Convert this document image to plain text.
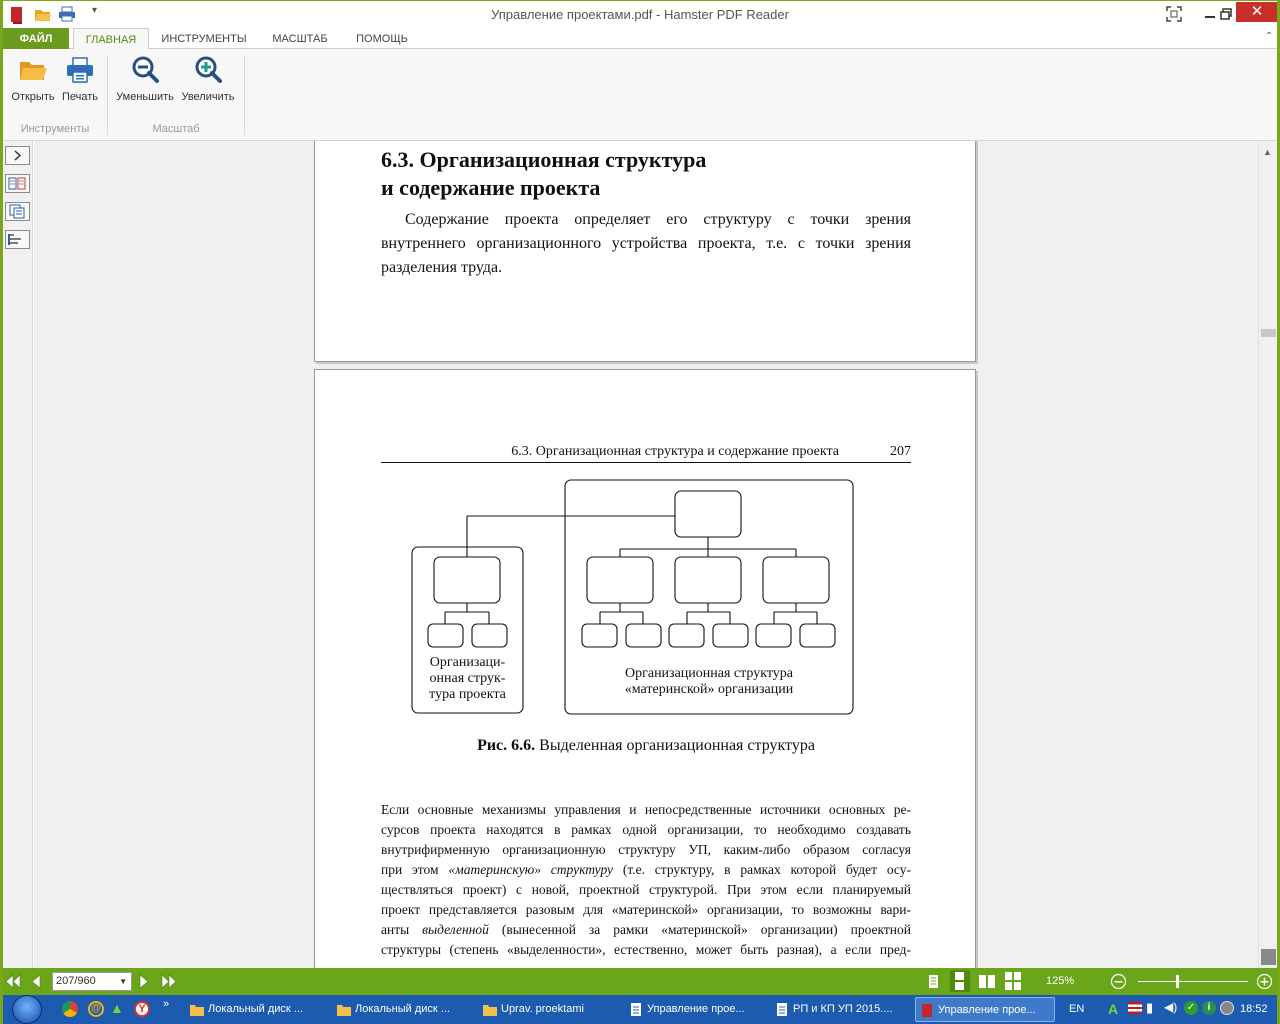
▾	Управление проектами.pdf - Hamster PDF Reader	✕
ФАЙЛ	ГЛАВНАЯ	ИНСТРУМЕНТЫ	МАСШТАБ	ПОМОЩЬ	⌃
Открыть Печать	Уменьшить Увеличить
Инструменты	Масштаб
6.3. Организационная структура
и содержание проекта
Содержание проекта определяет его структуру с точки зрения
внутреннего организационного устройства проекта, т.е. с точки зрения
разделения труда.
6.3. Организационная структура и содержание проекта	207
Организаци-
онная струк-
тура проекта
Организационная структура
«материнской» организации
Рис. 6.6. Выделенная организационная структура
Если основные механизмы управления и непосредственные источники основных ре-
сурсов проекта находятся в рамках одной организации, то необходимо создавать
внутрифирменную организационную структуру УП, каким-либо образом согласуя
при этом «материнскую» структуру (т.е. структуру, в рамках которой будет осу-
ществляться проект) с новой, проектной структурой. При этом если планируемый
проект представляется разовым для «материнской» организации, то возможны вари-
анты выделенной (вынесенной за рамки «материнской» организации) проектной
структуры (степень «выделенности», естественно, может быть разная), а если пред-
▲
207/960	▼	125%
@ ▲	Y	»	Локальный диск ...	Локальный диск ...	Uprav. proektami	Управление прое...	РП и КП УП 2015....	Управление прое...	EN A ▮ ◀) ✓	i	18:52
